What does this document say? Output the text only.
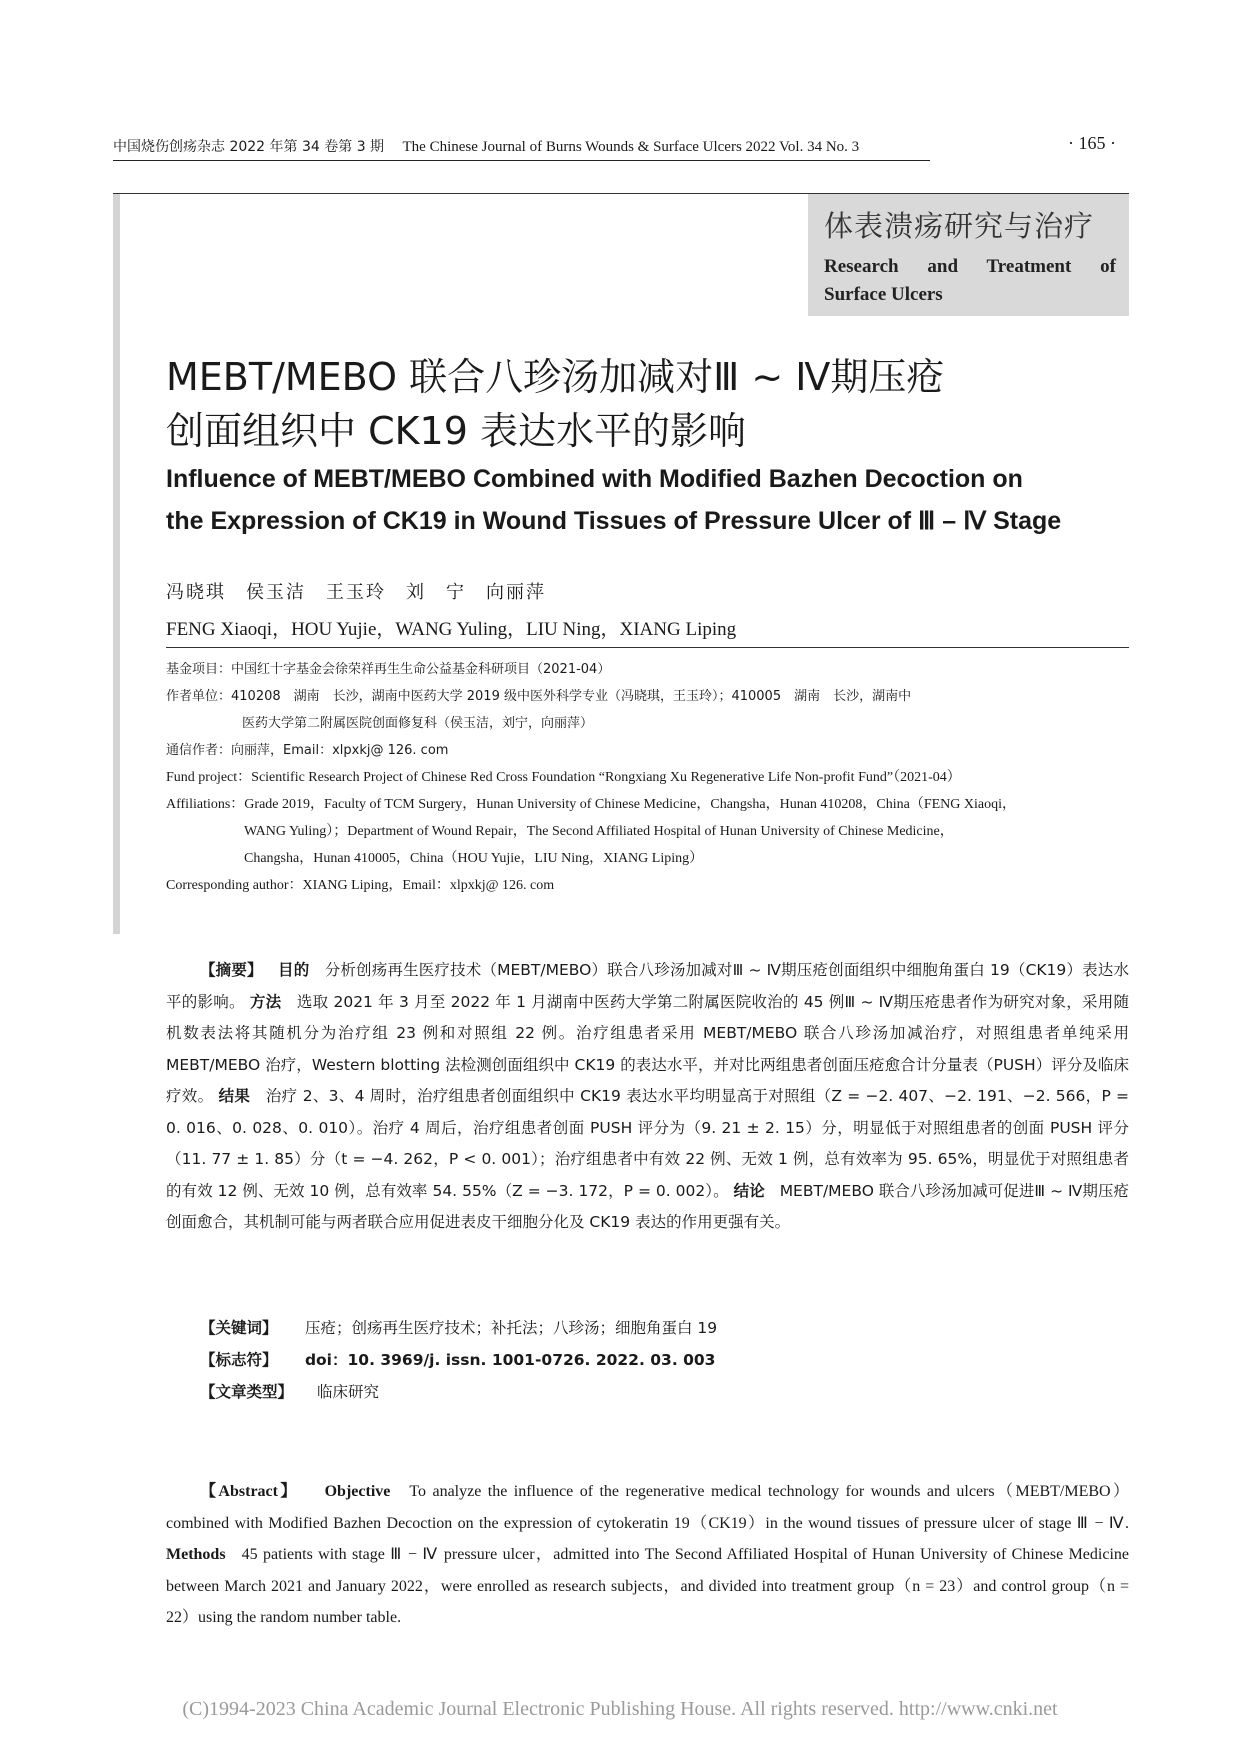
中国烧伤创疡杂志 2022 年第 34 卷第 3 期 The Chinese Journal of Burns Wounds & Surface Ulcers 2022 Vol. 34 No. 3	· 165 ·
体表溃疡研究与治疗
Research and Treatment of
Surface Ulcers
MEBT/MEBO 联合八珍汤加减对Ⅲ ~ Ⅳ期压疮
创面组织中 CK19 表达水平的影响
Influence of MEBT/MEBO Combined with Modified Bazhen Decoction on
the Expression of CK19 in Wound Tissues of Pressure Ulcer of Ⅲ – Ⅳ Stage
冯晓琪　侯玉洁　王玉玲　刘　宁　向丽萍
FENG Xiaoqi，HOU Yujie，WANG Yuling，LIU Ning，XIANG Liping
基金项目：中国红十字基金会徐荣祥再生生命公益基金科研项目（2021-04）
作者单位：410208　湖南　长沙，湖南中医药大学 2019 级中医外科学专业（冯晓琪，王玉玲）；410005　湖南　长沙，湖南中
医药大学第二附属医院创面修复科（侯玉洁，刘宁，向丽萍）
通信作者：向丽萍，Email：xlpxkj@ 126. com
Fund project：Scientific Research Project of Chinese Red Cross Foundation “Rongxiang Xu Regenerative Life Non-profit Fund”（2021-04）
Affiliations：Grade 2019，Faculty of TCM Surgery，Hunan University of Chinese Medicine，Changsha，Hunan 410208，China（FENG Xiaoqi，
WANG Yuling）；Department of Wound Repair，The Second Affiliated Hospital of Hunan University of Chinese Medicine，
Changsha，Hunan 410005，China（HOU Yujie，LIU Ning，XIANG Liping）
Corresponding author：XIANG Liping，Email：xlpxkj@ 126. com

【摘要】 目的 分析创疡再生医疗技术（MEBT/MEBO）联合八珍汤加减对Ⅲ ~ Ⅳ期压疮创面组织中细胞角蛋白 19（CK19）表达水平的影响。 方法 选取 2021 年 3 月至 2022 年 1 月湖南中医药大学第二附属医院收治的 45 例Ⅲ ~ Ⅳ期压疮患者作为研究对象，采用随机数表法将其随机分为治疗组 23 例和对照组 22 例。治疗组患者采用 MEBT/MEBO 联合八珍汤加减治疗，对照组患者单纯采用 MEBT/MEBO 治疗，Western blotting 法检测创面组织中 CK19 的表达水平，并对比两组患者创面压疮愈合计分量表（PUSH）评分及临床疗效。 结果 治疗 2、3、4 周时，治疗组患者创面组织中 CK19 表达水平均明显高于对照组（Z = −2. 407、−2. 191、−2. 566，P = 0. 016、0. 028、0. 010）。治疗 4 周后，治疗组患者创面 PUSH 评分为（9. 21 ± 2. 15）分，明显低于对照组患者的创面 PUSH 评分（11. 77 ± 1. 85）分（t = −4. 262，P < 0. 001）；治疗组患者中有效 22 例、无效 1 例，总有效率为 95. 65%，明显优于对照组患者的有效 12 例、无效 10 例，总有效率 54. 55%（Z = −3. 172，P = 0. 002）。 结论 MEBT/MEBO 联合八珍汤加减可促进Ⅲ ~ Ⅳ期压疮创面愈合，其机制可能与两者联合应用促进表皮干细胞分化及 CK19 表达的作用更强有关。

【关键词】 压疮；创疡再生医疗技术；补托法；八珍汤；细胞角蛋白 19
【标志符】 doi：10. 3969/j. issn. 1001-0726. 2022. 03. 003
【文章类型】 临床研究

【Abstract】 Objective To analyze the influence of the regenerative medical technology for wounds and ulcers（MEBT/MEBO）combined with Modified Bazhen Decoction on the expression of cytokeratin 19（CK19）in the wound tissues of pressure ulcer of stage Ⅲ − Ⅳ. Methods 45 patients with stage Ⅲ − Ⅳ pressure ulcer，admitted into The Second Affiliated Hospital of Hunan University of Chinese Medicine between March 2021 and January 2022，were enrolled as research subjects，and divided into treatment group（n = 23）and control group（n = 22）using the random number table.

(C)1994-2023 China Academic Journal Electronic Publishing House. All rights reserved. http://www.cnki.net
